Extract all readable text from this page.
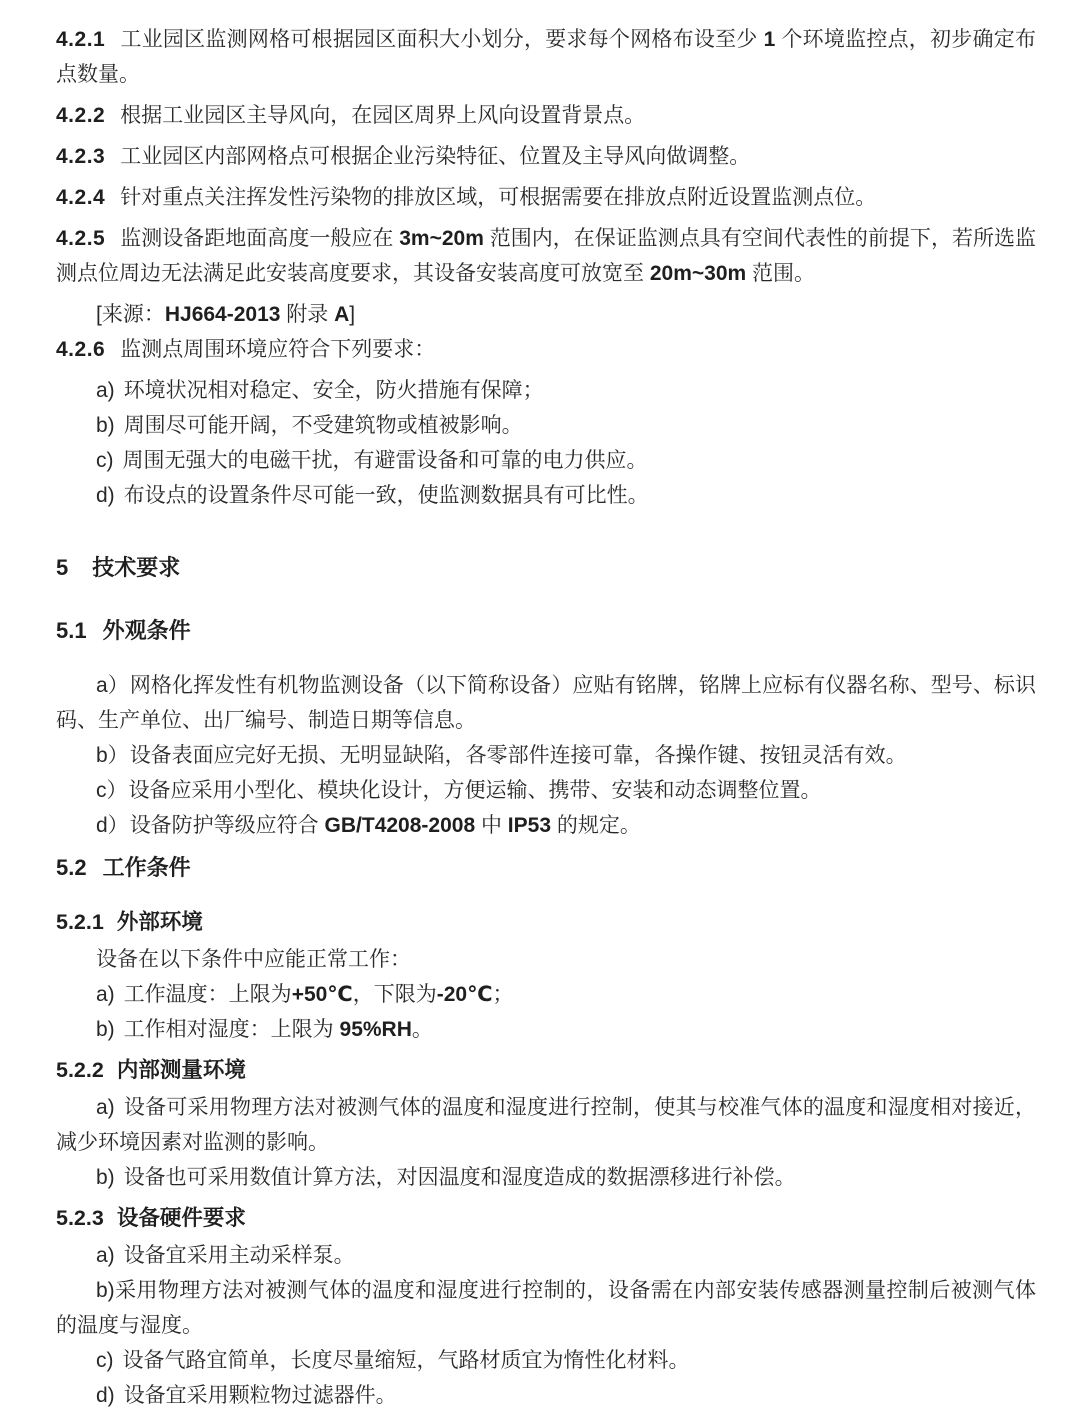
4.2.1 工业园区监测网格可根据园区面积大小划分，要求每个网格布设至少 1 个环境监控点，初步确定布点数量。

4.2.2 根据工业园区主导风向，在园区周界上风向设置背景点。

4.2.3 工业园区内部网格点可根据企业污染特征、位置及主导风向做调整。

4.2.4 针对重点关注挥发性污染物的排放区域，可根据需要在排放点附近设置监测点位。

4.2.5 监测设备距地面高度一般应在 3m~20m 范围内，在保证监测点具有空间代表性的前提下，若所选监测点位周边无法满足此安装高度要求，其设备安装高度可放宽至 20m~30m 范围。

[来源：HJ664-2013 附录 A]

4.2.6 监测点周围环境应符合下列要求：

a) 环境状况相对稳定、安全，防火措施有保障；

b) 周围尽可能开阔，不受建筑物或植被影响。

c) 周围无强大的电磁干扰，有避雷设备和可靠的电力供应。

d) 布设点的设置条件尽可能一致，使监测数据具有可比性。

5 技术要求

5.1 外观条件

a）网格化挥发性有机物监测设备（以下简称设备）应贴有铭牌，铭牌上应标有仪器名称、型号、标识码、生产单位、出厂编号、制造日期等信息。

b）设备表面应完好无损、无明显缺陷，各零部件连接可靠，各操作键、按钮灵活有效。

c）设备应采用小型化、模块化设计，方便运输、携带、安装和动态调整位置。

d）设备防护等级应符合 GB/T4208-2008 中 IP53 的规定。

5.2 工作条件

5.2.1 外部环境

设备在以下条件中应能正常工作：

a) 工作温度：上限为+50℃，下限为-20℃；

b) 工作相对湿度：上限为 95%RH。

5.2.2 内部测量环境

a) 设备可采用物理方法对被测气体的温度和湿度进行控制，使其与校准气体的温度和湿度相对接近，减少环境因素对监测的影响。

b) 设备也可采用数值计算方法，对因温度和湿度造成的数据漂移进行补偿。

5.2.3 设备硬件要求

a) 设备宜采用主动采样泵。

b)采用物理方法对被测气体的温度和湿度进行控制的，设备需在内部安装传感器测量控制后被测气体的温度与湿度。

c) 设备气路宜简单，长度尽量缩短，气路材质宜为惰性化材料。

d) 设备宜采用颗粒物过滤器件。
